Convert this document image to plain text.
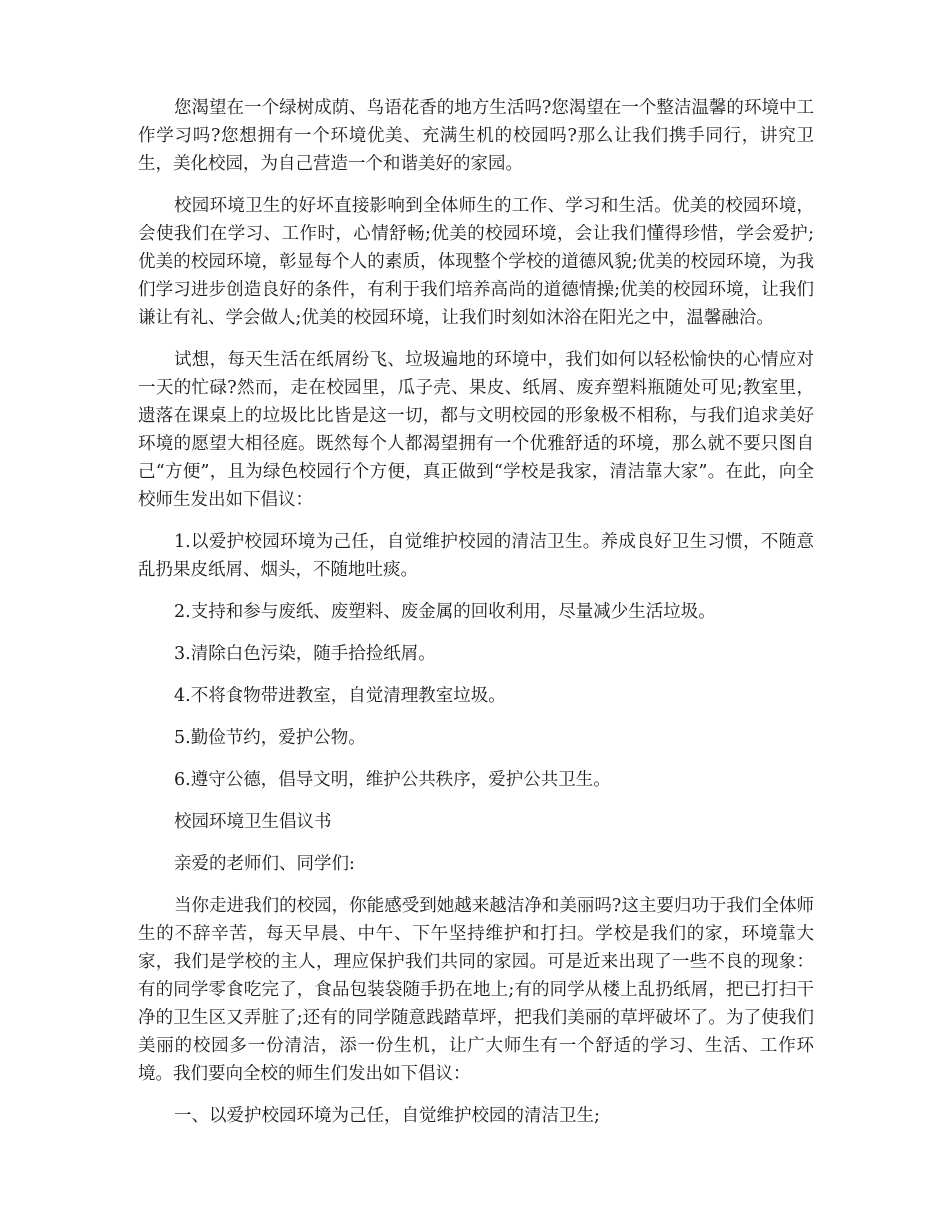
您渴望在一个绿树成荫、鸟语花香的地方生活吗?您渴望在一个整洁温馨的环境中工作学习吗?您想拥有一个环境优美、充满生机的校园吗?那么让我们携手同行，讲究卫生，美化校园，为自己营造一个和谐美好的家园。

校园环境卫生的好坏直接影响到全体师生的工作、学习和生活。优美的校园环境，会使我们在学习、工作时，心情舒畅;优美的校园环境，会让我们懂得珍惜，学会爱护;优美的校园环境，彰显每个人的素质，体现整个学校的道德风貌;优美的校园环境，为我们学习进步创造良好的条件，有利于我们培养高尚的道德情操;优美的校园环境，让我们谦让有礼、学会做人;优美的校园环境，让我们时刻如沐浴在阳光之中，温馨融洽。

试想，每天生活在纸屑纷飞、垃圾遍地的环境中，我们如何以轻松愉快的心情应对一天的忙碌?然而，走在校园里，瓜子壳、果皮、纸屑、废弃塑料瓶随处可见;教室里，遗落在课桌上的垃圾比比皆是这一切，都与文明校园的形象极不相称，与我们追求美好环境的愿望大相径庭。既然每个人都渴望拥有一个优雅舒适的环境，那么就不要只图自己“方便”，且为绿色校园行个方便，真正做到“学校是我家，清洁靠大家”。在此，向全校师生发出如下倡议：

1.以爱护校园环境为己任，自觉维护校园的清洁卫生。养成良好卫生习惯，不随意乱扔果皮纸屑、烟头，不随地吐痰。

2.支持和参与废纸、废塑料、废金属的回收利用，尽量减少生活垃圾。

3.清除白色污染，随手拾捡纸屑。

4.不将食物带进教室，自觉清理教室垃圾。

5.勤俭节约，爱护公物。

6.遵守公德，倡导文明，维护公共秩序，爱护公共卫生。

校园环境卫生倡议书

亲爱的老师们、同学们:

当你走进我们的校园，你能感受到她越来越洁净和美丽吗?这主要归功于我们全体师生的不辞辛苦，每天早晨、中午、下午坚持维护和打扫。学校是我们的家，环境靠大家，我们是学校的主人，理应保护我们共同的家园。可是近来出现了一些不良的现象：有的同学零食吃完了，食品包装袋随手扔在地上;有的同学从楼上乱扔纸屑，把已打扫干净的卫生区又弄脏了;还有的同学随意践踏草坪，把我们美丽的草坪破坏了。为了使我们美丽的校园多一份清洁，添一份生机，让广大师生有一个舒适的学习、生活、工作环境。我们要向全校的师生们发出如下倡议：

一、以爱护校园环境为己任，自觉维护校园的清洁卫生;
